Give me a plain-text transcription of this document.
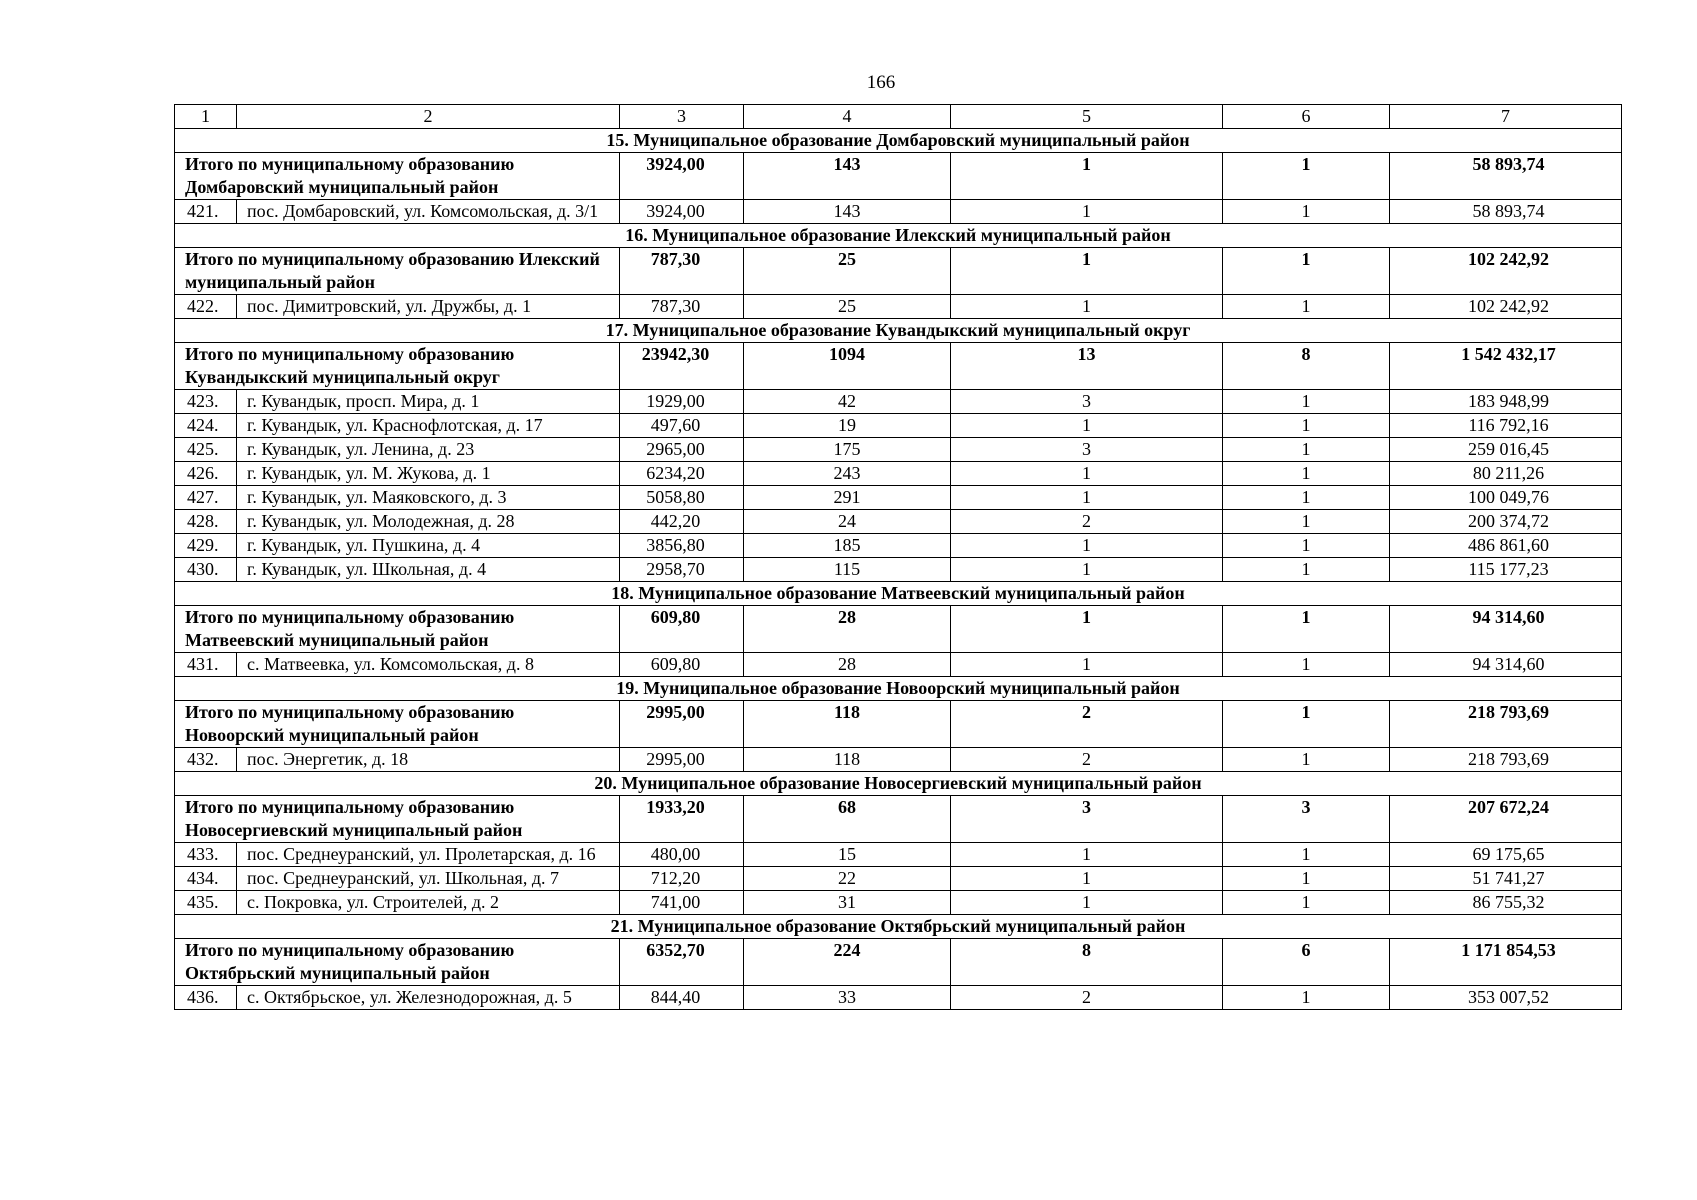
166
1	2	3	4	5	6	7
15. Муниципальное образование Домбаровский муниципальный район						
Итого по муниципальному образованию Домбаровский муниципальный район		3924,00	143	1	1	58 893,74
421.	пос. Домбаровский, ул. Комсомольская, д. 3/1	3924,00	143	1	1	58 893,74
16. Муниципальное образование Илекский муниципальный район						
Итого по муниципальному образованию Илекский муниципальный район		787,30	25	1	1	102 242,92
422.	пос. Димитровский, ул. Дружбы, д. 1	787,30	25	1	1	102 242,92
17. Муниципальное образование Кувандыкский муниципальный округ						
Итого по муниципальному образованию Кувандыкский муниципальный округ		23942,30	1094	13	8	1 542 432,17
423.	г. Кувандык, просп. Мира, д. 1	1929,00	42	3	1	183 948,99
424.	г. Кувандык, ул. Краснофлотская, д. 17	497,60	19	1	1	116 792,16
425.	г. Кувандык, ул. Ленина, д. 23	2965,00	175	3	1	259 016,45
426.	г. Кувандык, ул. М. Жукова, д. 1	6234,20	243	1	1	80 211,26
427.	г. Кувандык, ул. Маяковского, д. 3	5058,80	291	1	1	100 049,76
428.	г. Кувандык, ул. Молодежная, д. 28	442,20	24	2	1	200 374,72
429.	г. Кувандык, ул. Пушкина, д. 4	3856,80	185	1	1	486 861,60
430.	г. Кувандык, ул. Школьная, д. 4	2958,70	115	1	1	115 177,23
18. Муниципальное образование Матвеевский муниципальный район						
Итого по муниципальному образованию Матвеевский муниципальный район		609,80	28	1	1	94 314,60
431.	с. Матвеевка, ул. Комсомольская, д. 8	609,80	28	1	1	94 314,60
19. Муниципальное образование Новоорский муниципальный район						
Итого по муниципальному образованию Новоорский муниципальный район		2995,00	118	2	1	218 793,69
432.	пос. Энергетик, д. 18	2995,00	118	2	1	218 793,69
20. Муниципальное образование Новосергиевский муниципальный район						
Итого по муниципальному образованию Новосергиевский муниципальный район		1933,20	68	3	3	207 672,24
433.	пос. Среднеуранский, ул. Пролетарская, д. 16	480,00	15	1	1	69 175,65
434.	пос. Среднеуранский, ул. Школьная, д. 7	712,20	22	1	1	51 741,27
435.	с. Покровка, ул. Строителей, д. 2	741,00	31	1	1	86 755,32
21. Муниципальное образование Октябрьский муниципальный район						
Итого по муниципальному образованию Октябрьский муниципальный район		6352,70	224	8	6	1 171 854,53
436.	с. Октябрьское, ул. Железнодорожная, д. 5	844,40	33	2	1	353 007,52
